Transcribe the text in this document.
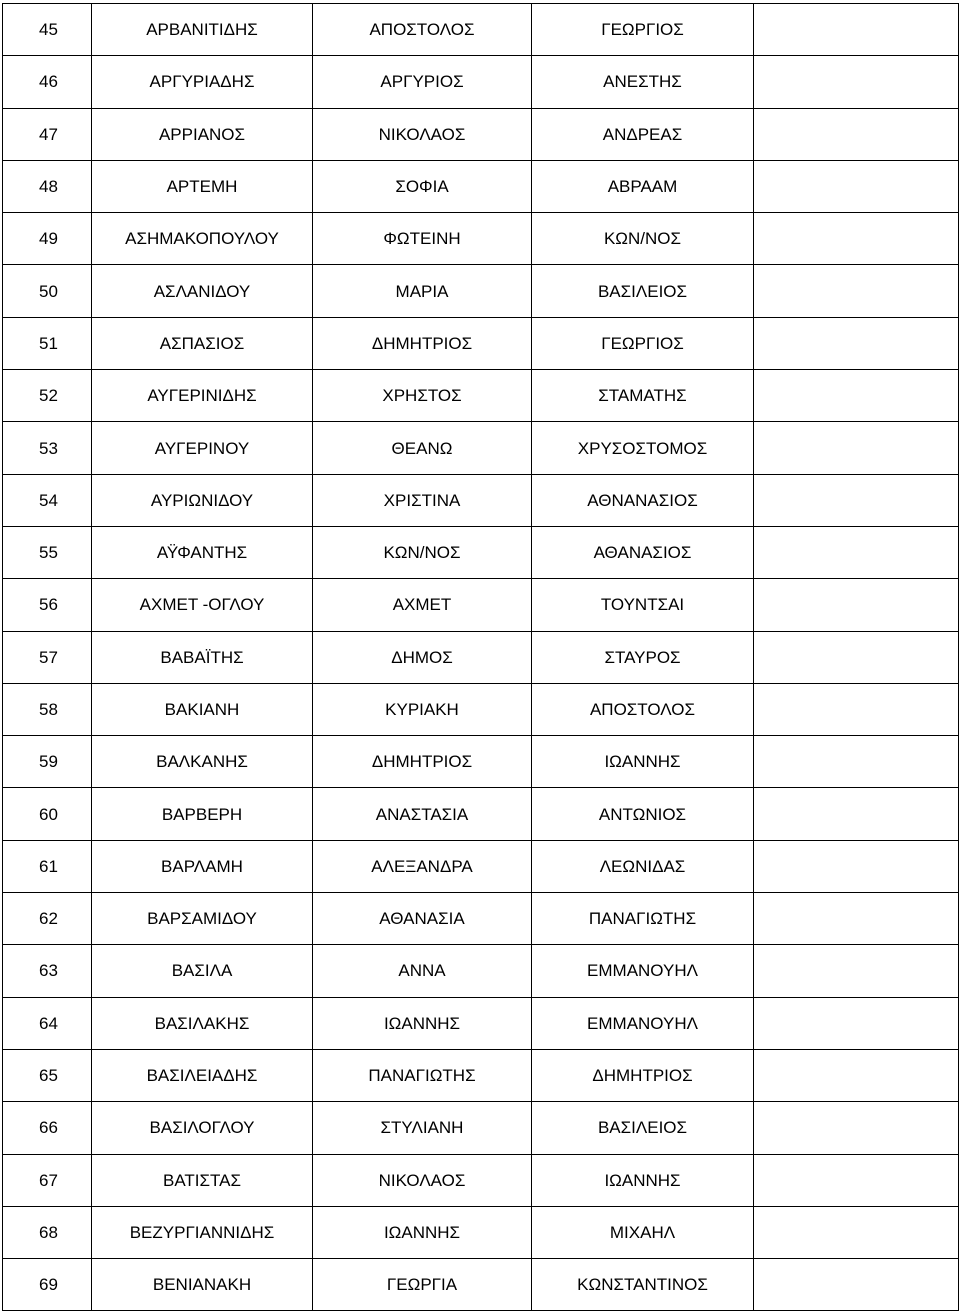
45	ΑΡΒΑΝΙΤΙΔΗΣ	ΑΠΟΣΤΟΛΟΣ	ΓΕΩΡΓΙΟΣ	
46	ΑΡΓΥΡΙΑΔΗΣ	ΑΡΓΥΡΙΟΣ	ΑΝΕΣΤΗΣ	
47	ΑΡΡΙΑΝΟΣ	ΝΙΚΟΛΑΟΣ	ΑΝΔΡΕΑΣ	
48	ΑΡΤΕΜΗ	ΣΟΦΙΑ	ΑΒΡΑΑΜ	
49	ΑΣΗΜΑΚΟΠΟΥΛΟΥ	ΦΩΤΕΙΝΗ	ΚΩΝ/ΝΟΣ	
50	ΑΣΛΑΝΙΔΟΥ	ΜΑΡΙΑ	ΒΑΣΙΛΕΙΟΣ	
51	ΑΣΠΑΣΙΟΣ	ΔΗΜΗΤΡΙΟΣ	ΓΕΩΡΓΙΟΣ	
52	ΑΥΓΕΡΙΝΙΔΗΣ	ΧΡΗΣΤΟΣ	ΣΤΑΜΑΤΗΣ	
53	ΑΥΓΕΡΙΝΟΥ	ΘΕΑΝΩ	ΧΡΥΣΟΣΤΟΜΟΣ	
54	ΑΥΡΙΩΝΙΔΟΥ	ΧΡΙΣΤΙΝΑ	ΑΘΝΑΝΑΣΙΟΣ	
55	ΑΫΦΑΝΤΗΣ	ΚΩΝ/ΝΟΣ	ΑΘΑΝΑΣΙΟΣ	
56	ΑΧΜΕΤ -ΟΓΛΟΥ	ΑΧΜΕΤ	ΤΟΥΝΤΣΑΙ	
57	ΒΑΒΑΪΤΗΣ	ΔΗΜΟΣ	ΣΤΑΥΡΟΣ	
58	ΒΑΚΙΑΝΗ	ΚΥΡΙΑΚΗ	ΑΠΟΣΤΟΛΟΣ	
59	ΒΑΛΚΑΝΗΣ	ΔΗΜΗΤΡΙΟΣ	ΙΩΑΝΝΗΣ	
60	ΒΑΡΒΕΡΗ	ΑΝΑΣΤΑΣΙΑ	ΑΝΤΩΝΙΟΣ	
61	ΒΑΡΛΑΜΗ	ΑΛΕΞΑΝΔΡΑ	ΛΕΩΝΙΔΑΣ	
62	ΒΑΡΣΑΜΙΔΟΥ	ΑΘΑΝΑΣΙΑ	ΠΑΝΑΓΙΩΤΗΣ	
63	ΒΑΣΙΛΑ	ΑΝΝΑ	ΕΜΜΑΝΟΥΗΛ	
64	ΒΑΣΙΛΑΚΗΣ	ΙΩΑΝΝΗΣ	ΕΜΜΑΝΟΥΗΛ	
65	ΒΑΣΙΛΕΙΑΔΗΣ	ΠΑΝΑΓΙΩΤΗΣ	ΔΗΜΗΤΡΙΟΣ	
66	ΒΑΣΙΛΟΓΛΟΥ	ΣΤΥΛΙΑΝΗ	ΒΑΣΙΛΕΙΟΣ	
67	ΒΑΤΙΣΤΑΣ	ΝΙΚΟΛΑΟΣ	ΙΩΑΝΝΗΣ	
68	ΒΕΖΥΡΓΙΑΝΝΙΔΗΣ	ΙΩΑΝΝΗΣ	ΜΙΧΑΗΛ	
69	ΒΕΝΙΑΝΑΚΗ	ΓΕΩΡΓΙΑ	ΚΩΝΣΤΑΝΤΙΝΟΣ	
